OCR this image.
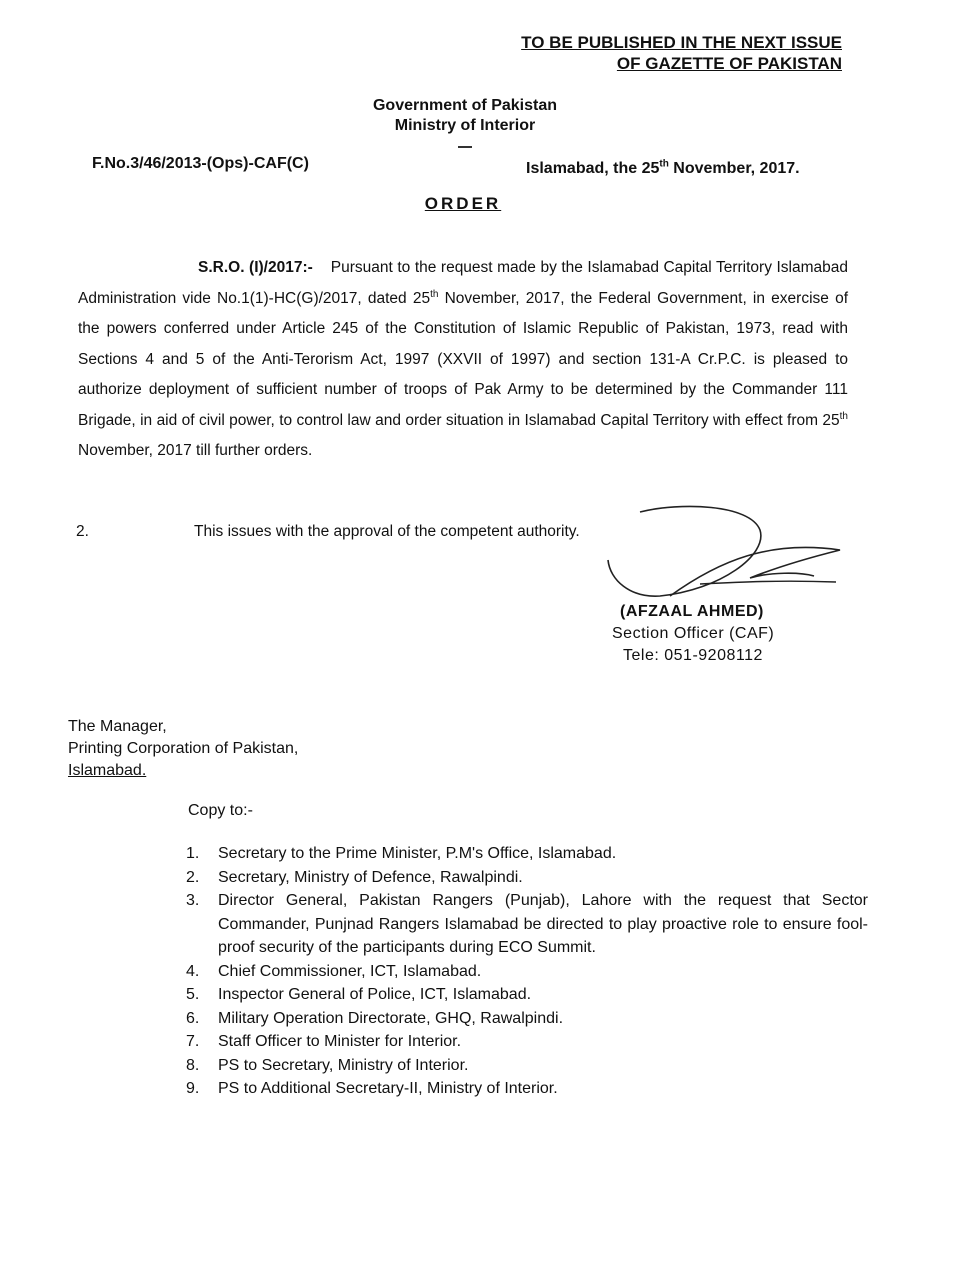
TO BE PUBLISHED IN THE NEXT ISSUE
OF GAZETTE OF PAKISTAN
Government of Pakistan
Ministry of Interior
F.No.3/46/2013-(Ops)-CAF(C)	Islamabad, the 25th November, 2017.
ORDER
S.R.O. (I)/2017:- Pursuant to the request made by the Islamabad Capital Territory Islamabad Administration vide No.1(1)-HC(G)/2017, dated 25th November, 2017, the Federal Government, in exercise of the powers conferred under Article 245 of the Constitution of Islamic Republic of Pakistan, 1973, read with Sections 4 and 5 of the Anti-Terorism Act, 1997 (XXVII of 1997) and section 131-A Cr.P.C. is pleased to authorize deployment of sufficient number of troops of Pak Army to be determined by the Commander 111 Brigade, in aid of civil power, to control law and order situation in Islamabad Capital Territory with effect from 25th November, 2017 till further orders.
2.	This issues with the approval of the competent authority.
(AFZAAL AHMED)
Section Officer (CAF)
Tele: 051-9208112
The Manager,
Printing Corporation of Pakistan,
Islamabad.
Copy to:-
1. Secretary to the Prime Minister, P.M's Office, Islamabad.
2. Secretary, Ministry of Defence, Rawalpindi.
3. Director General, Pakistan Rangers (Punjab), Lahore with the request that Sector Commander, Punjnad Rangers Islamabad be directed to play proactive role to ensure fool-proof security of the participants during ECO Summit.
4. Chief Commissioner, ICT, Islamabad.
5. Inspector General of Police, ICT, Islamabad.
6. Military Operation Directorate, GHQ, Rawalpindi.
7. Staff Officer to Minister for Interior.
8. PS to Secretary, Ministry of Interior.
9. PS to Additional Secretary-II, Ministry of Interior.
